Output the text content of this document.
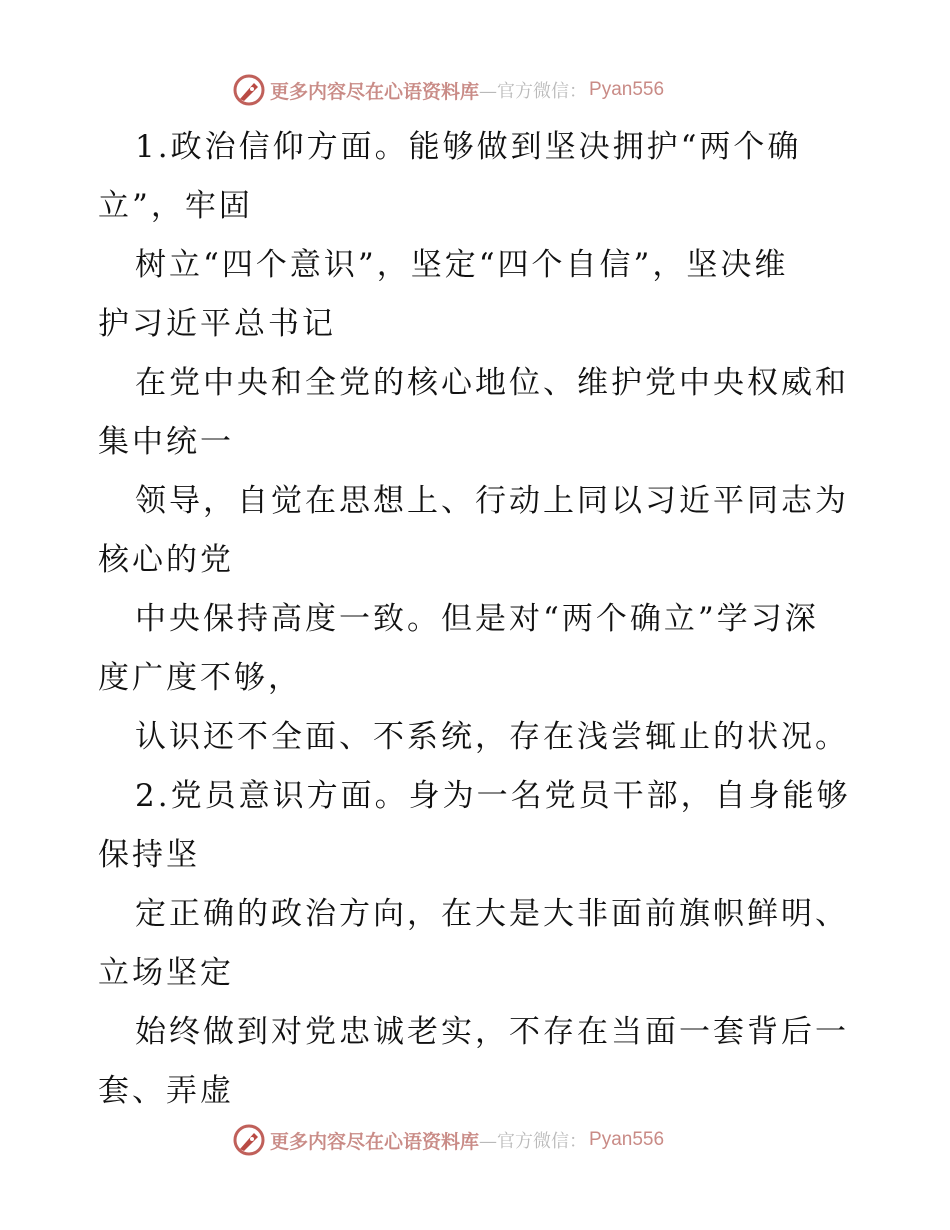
更多内容尽在心语资料库 —官方微信： Pyan556
1.政治信仰方面。能够做到坚决拥护“两个确
立”，牢固
树立“四个意识”，坚定“四个自信”，坚决维
护习近平总书记
在党中央和全党的核心地位、维护党中央权威和
集中统一
领导，自觉在思想上、行动上同以习近平同志为
核心的党
中央保持高度一致。但是对“两个确立”学习深
度广度不够，
认识还不全面、不系统，存在浅尝辄止的状况。
2.党员意识方面。身为一名党员干部，自身能够
保持坚
定正确的政治方向，在大是大非面前旗帜鲜明、
立场坚定
始终做到对党忠诚老实，不存在当面一套背后一
套、弄虚
更多内容尽在心语资料库 —官方微信： Pyan556
